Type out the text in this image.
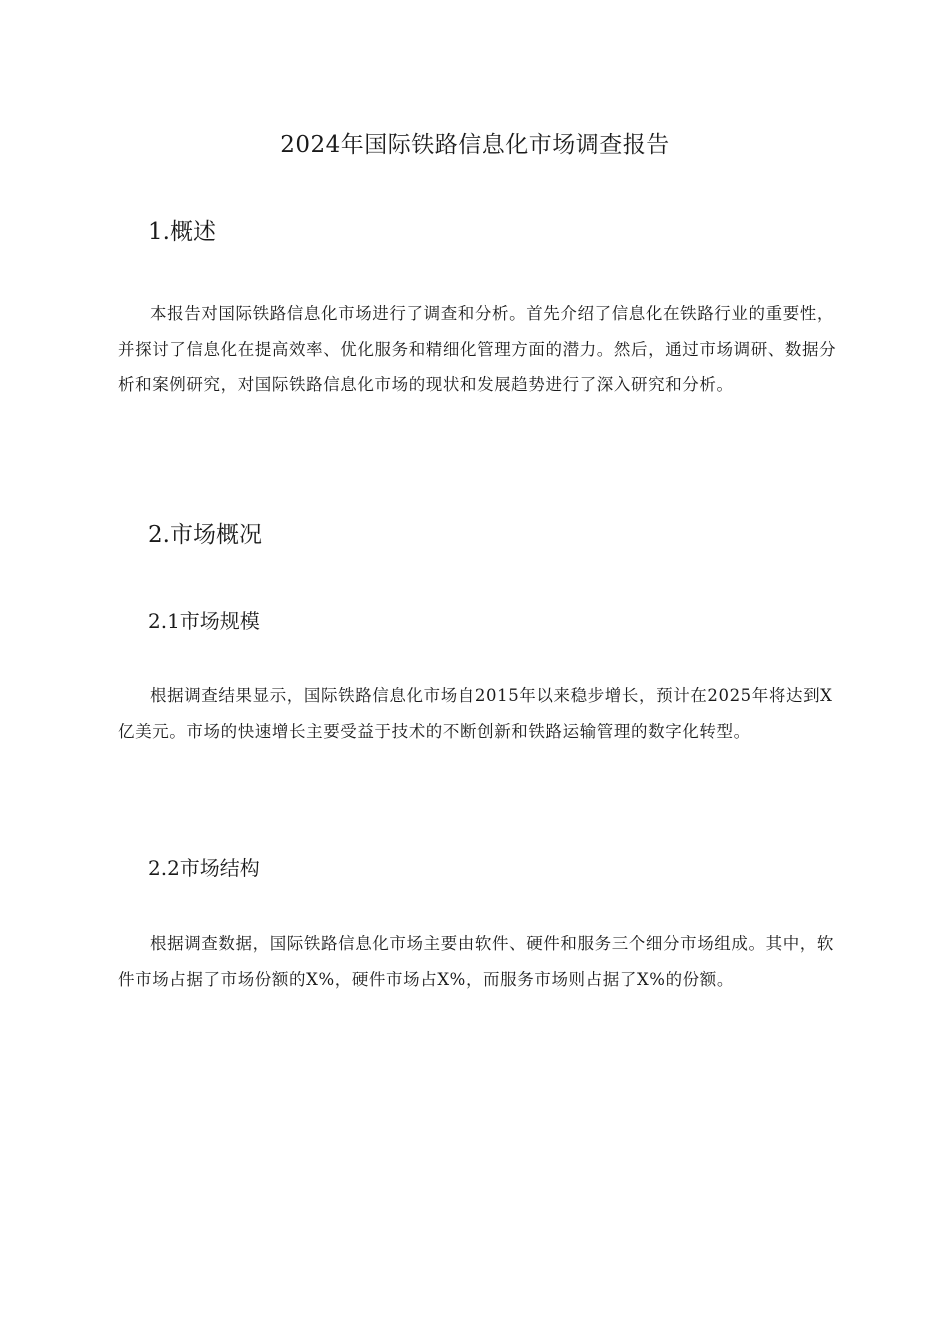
2024年国际铁路信息化市场调查报告
1.概述

本报告对国际铁路信息化市场进行了调查和分析。首先介绍了信息化在铁路行业的重要性，并探讨了信息化在提高效率、优化服务和精细化管理方面的潜力。然后，通过市场调研、数据分析和案例研究，对国际铁路信息化市场的现状和发展趋势进行了深入研究和分析。

2.市场概况
2.1市场规模

根据调查结果显示，国际铁路信息化市场自2015年以来稳步增长，预计在2025年将达到X亿美元。市场的快速增长主要受益于技术的不断创新和铁路运输管理的数字化转型。

2.2市场结构

根据调查数据，国际铁路信息化市场主要由软件、硬件和服务三个细分市场组成。其中，软件市场占据了市场份额的X%，硬件市场占X%，而服务市场则占据了X%的份额。
